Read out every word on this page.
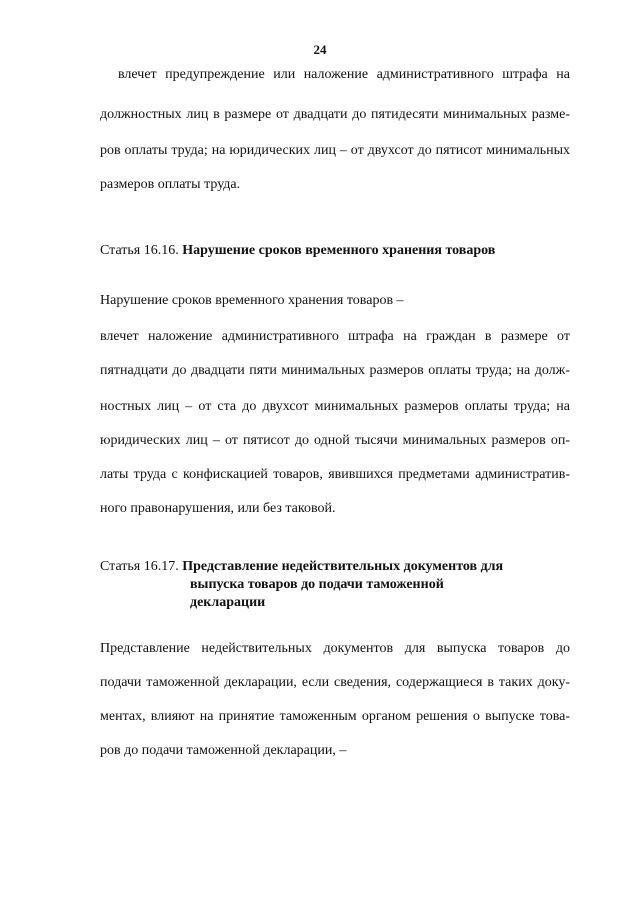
24
влечет предупреждение или наложение административного штрафа на
должностных лиц в размере от двадцати до пятидесяти минимальных разме-
ров оплаты труда; на юридических лиц – от двухсот до пятисот минимальных
размеров оплаты труда.
Статья 16.16. Нарушение сроков временного хранения товаров
Нарушение сроков временного хранения товаров –
влечет наложение административного штрафа на граждан в размере от
пятнадцати до двадцати пяти минимальных размеров оплаты труда; на долж-
ностных лиц – от ста до двухсот минимальных размеров оплаты труда; на
юридических лиц – от пятисот до одной тысячи минимальных размеров оп-
латы труда с конфискацией товаров, явившихся предметами административ-
ного правонарушения, или без таковой.
Статья 16.17. Представление недействительных документов для
выпуска товаров до подачи таможенной
декларации
Представление недействительных документов для выпуска товаров до
подачи таможенной декларации, если сведения, содержащиеся в таких доку-
ментах, влияют на принятие таможенным органом решения о выпуске това-
ров до подачи таможенной декларации, –
